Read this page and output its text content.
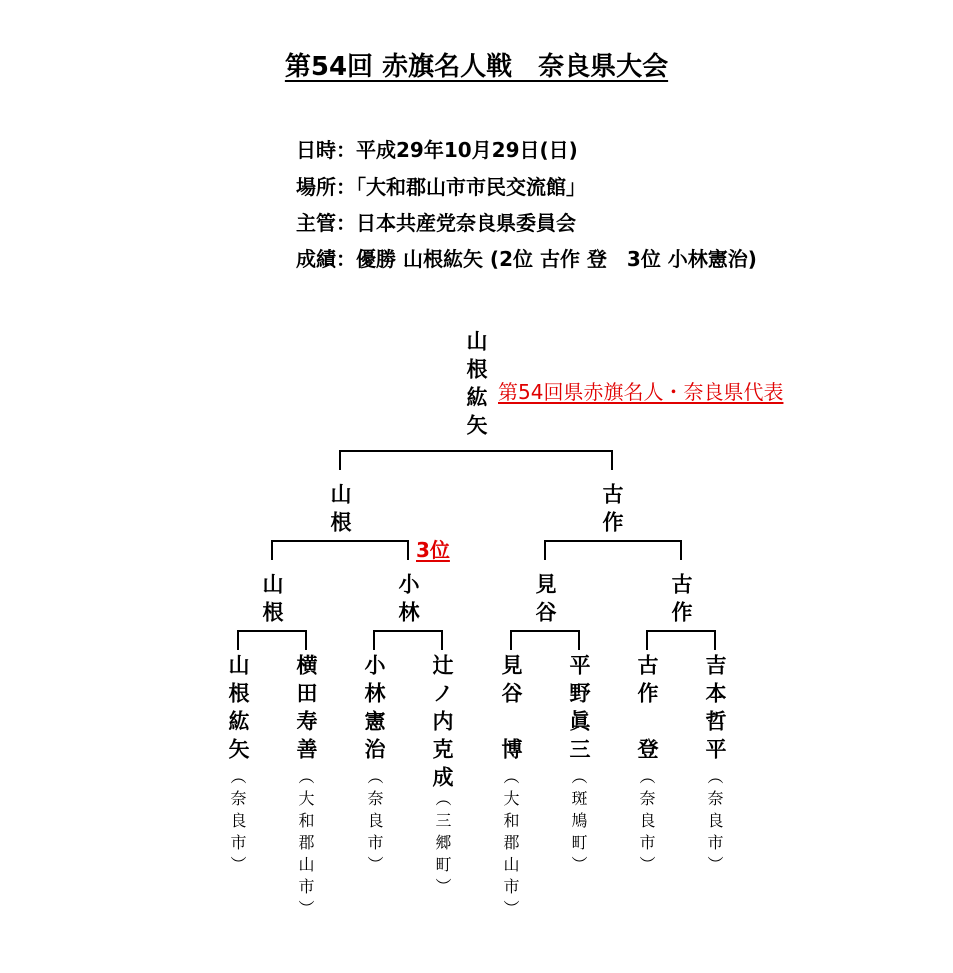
第54回 赤旗名人戦　奈良県大会
日時：平成29年10月29日(日)
場所：「大和郡山市市民交流館」
主管：日本共産党奈良県委員会
成績：優勝 山根紘矢 (2位 古作 登　3位 小林憲治)
山根紘矢 第54回県赤旗名人・奈良県代表
山根	古作
3位
山根	小林	見谷	古作
山根紘矢 横田寿善 小林憲治 辻ノ内克成 見谷　博 平野眞三 古作　登 吉本哲平
（奈良市）	（大和郡山市）	（奈良市）	（三郷町）	（大和郡山市）	（斑鳩町）	（奈良市）	（奈良市）
